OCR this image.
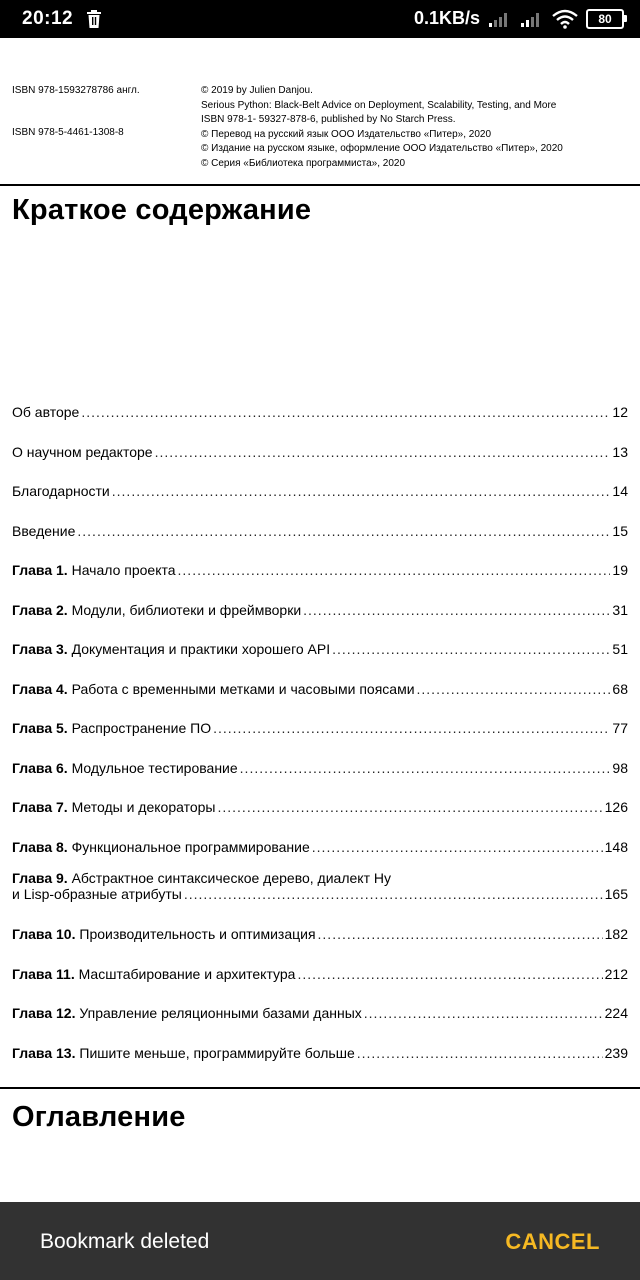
20:12	0.1KB/s	80
ISBN 978-1593278786 англ.
ISBN 978-5-4461-1308-8
© 2019 by Julien Danjou.
Serious Python: Black-Belt Advice on Deployment, Scalability, Testing, and More
ISBN 978-1- 59327-878-6, published by No Starch Press.
© Перевод на русский язык ООО Издательство «Питер», 2020
© Издание на русском языке, оформление ООО Издательство «Питер», 2020
© Серия «Библиотека программиста», 2020
Краткое содержание
Об авторе .....	12
О научном редакторе .....	13
Благодарности .....	14
Введение .....	15
Глава 1. Начало проекта .....	19
Глава 2. Модули, библиотеки и фреймворки .....	31
Глава 3. Документация и практики хорошего API .....	51
Глава 4. Работа с временными метками и часовыми поясами .....	68
Глава 5. Распространение ПО .....	77
Глава 6. Модульное тестирование .....	98
Глава 7. Методы и декораторы .....	126
Глава 8. Функциональное программирование .....	148
Глава 9. Абстрактное синтаксическое дерево, диалект Hy
и Lisp-образные атрибуты .....	165
Глава 10. Производительность и оптимизация .....	182
Глава 11. Масштабирование и архитектура .....	212
Глава 12. Управление реляционными базами данных .....	224
Глава 13. Пишите меньше, программируйте больше .....	239
Оглавление
Bookmark deleted	CANCEL
